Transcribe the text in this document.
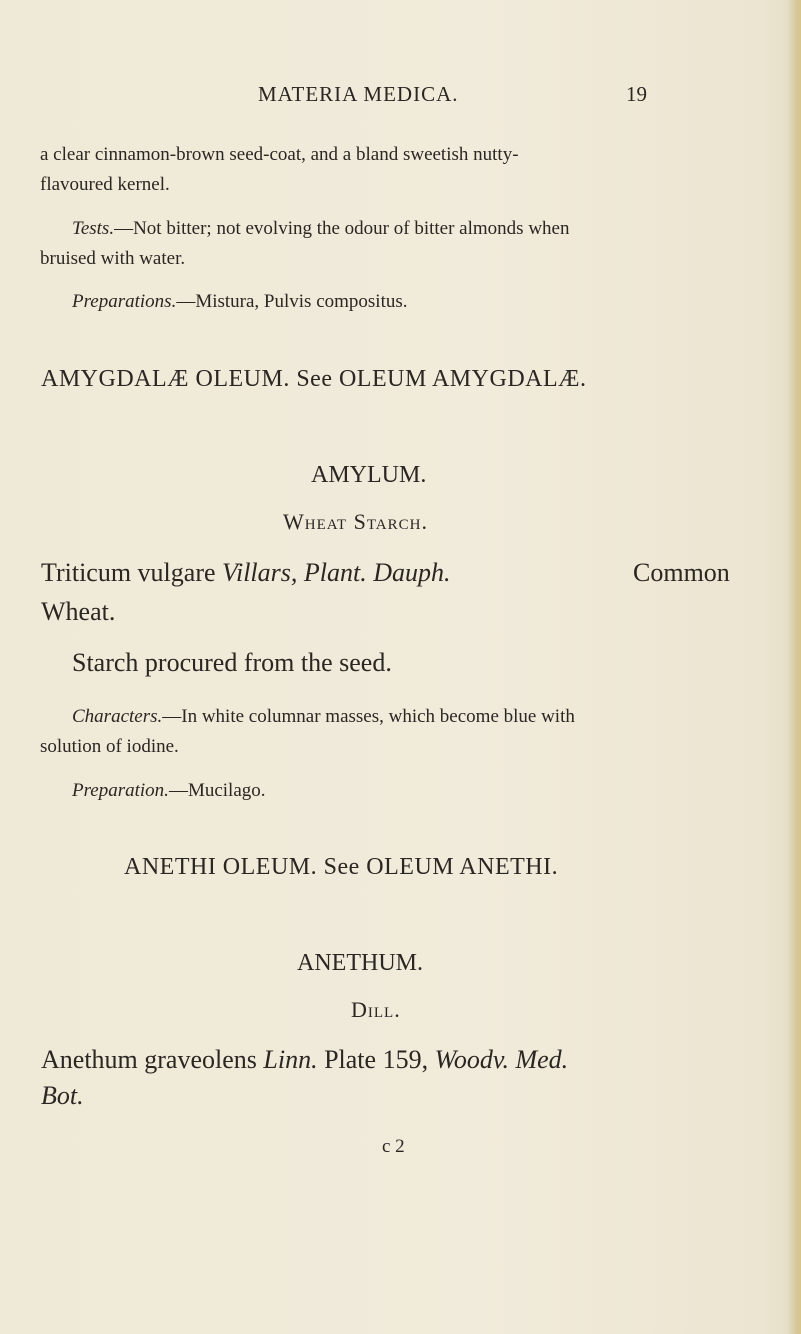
MATERIA MEDICA.	19
a clear cinnamon-brown seed-coat, and a bland sweetish nutty-
flavoured kernel.
Tests.—Not bitter; not evolving the odour of bitter almonds when
bruised with water.
Preparations.—Mistura, Pulvis compositus.
AMYGDALÆ OLEUM. See OLEUM AMYGDALÆ.
AMYLUM.
Wheat Starch.
Triticum vulgare Villars, Plant. Dauph.	Common
Wheat.
Starch procured from the seed.
Characters.—In white columnar masses, which become blue with
solution of iodine.
Preparation.—Mucilago.
ANETHI OLEUM. See OLEUM ANETHI.
ANETHUM.
Dill.
Anethum graveolens Linn. Plate 159, Woodv. Med.
Bot.
c 2
